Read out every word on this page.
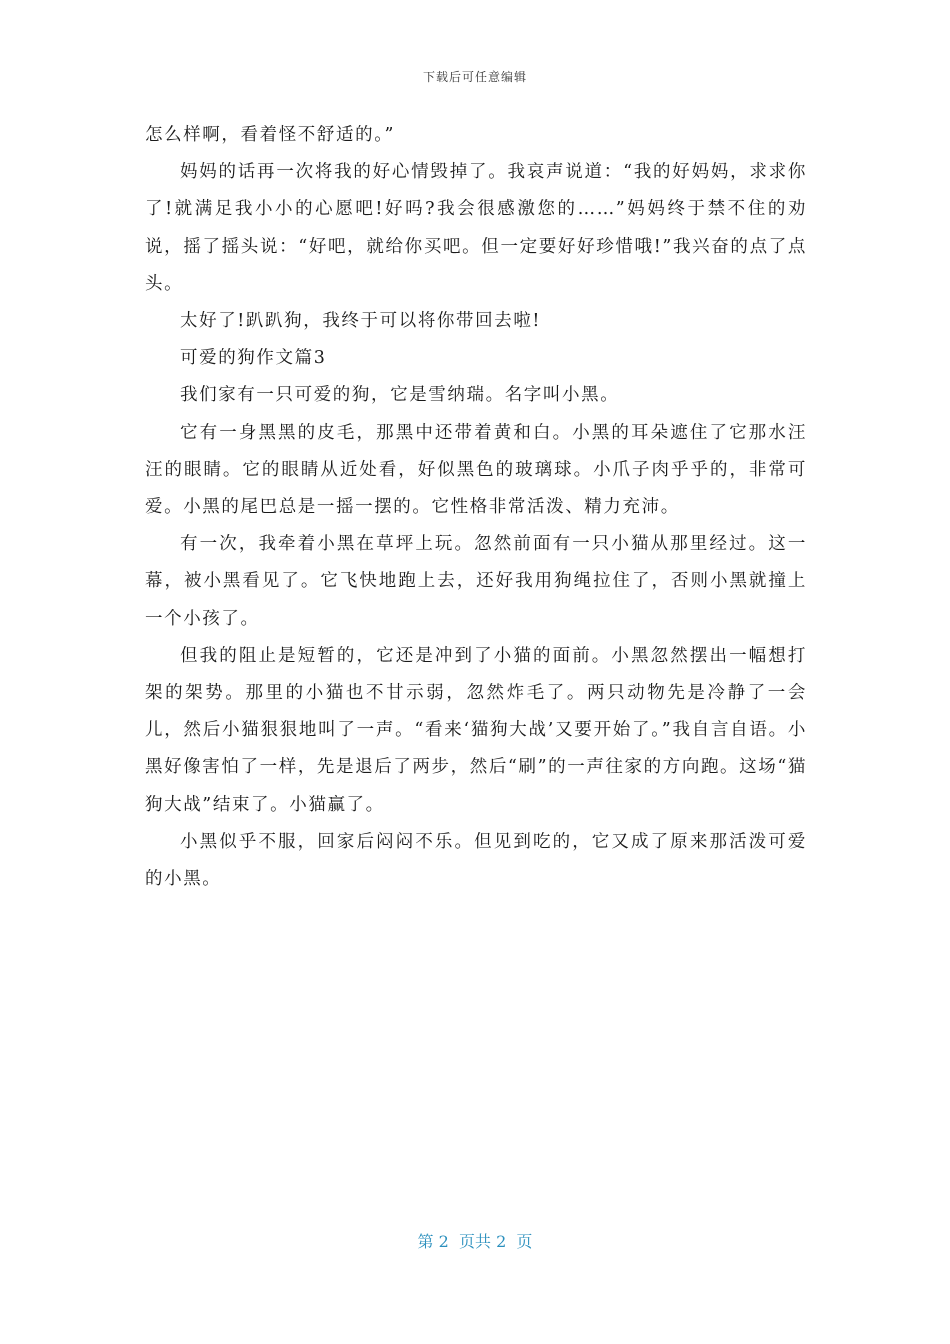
下载后可任意编辑

怎么样啊，看着怪不舒适的。”

妈妈的话再一次将我的好心情毁掉了。我哀声说道：“我的好妈妈，求求你了!就满足我小小的心愿吧!好吗?我会很感激您的……”妈妈终于禁不住的劝说，摇了摇头说：“好吧，就给你买吧。但一定要好好珍惜哦!”我兴奋的点了点头。

太好了!趴趴狗，我终于可以将你带回去啦!

可爱的狗作文篇3

我们家有一只可爱的狗，它是雪纳瑞。名字叫小黑。

它有一身黑黑的皮毛，那黑中还带着黄和白。小黑的耳朵遮住了它那水汪汪的眼睛。它的眼睛从近处看，好似黑色的玻璃球。小爪子肉乎乎的，非常可爱。小黑的尾巴总是一摇一摆的。它性格非常活泼、精力充沛。

有一次，我牵着小黑在草坪上玩。忽然前面有一只小猫从那里经过。这一幕，被小黑看见了。它飞快地跑上去，还好我用狗绳拉住了，否则小黑就撞上一个小孩了。

但我的阻止是短暂的，它还是冲到了小猫的面前。小黑忽然摆出一幅想打架的架势。那里的小猫也不甘示弱，忽然炸毛了。两只动物先是冷静了一会儿，然后小猫狠狠地叫了一声。“看来‘猫狗大战’又要开始了。”我自言自语。小黑好像害怕了一样，先是退后了两步，然后“刷”的一声往家的方向跑。这场“猫狗大战”结束了。小猫赢了。

小黑似乎不服，回家后闷闷不乐。但见到吃的，它又成了原来那活泼可爱的小黑。

第 2  页共 2  页
